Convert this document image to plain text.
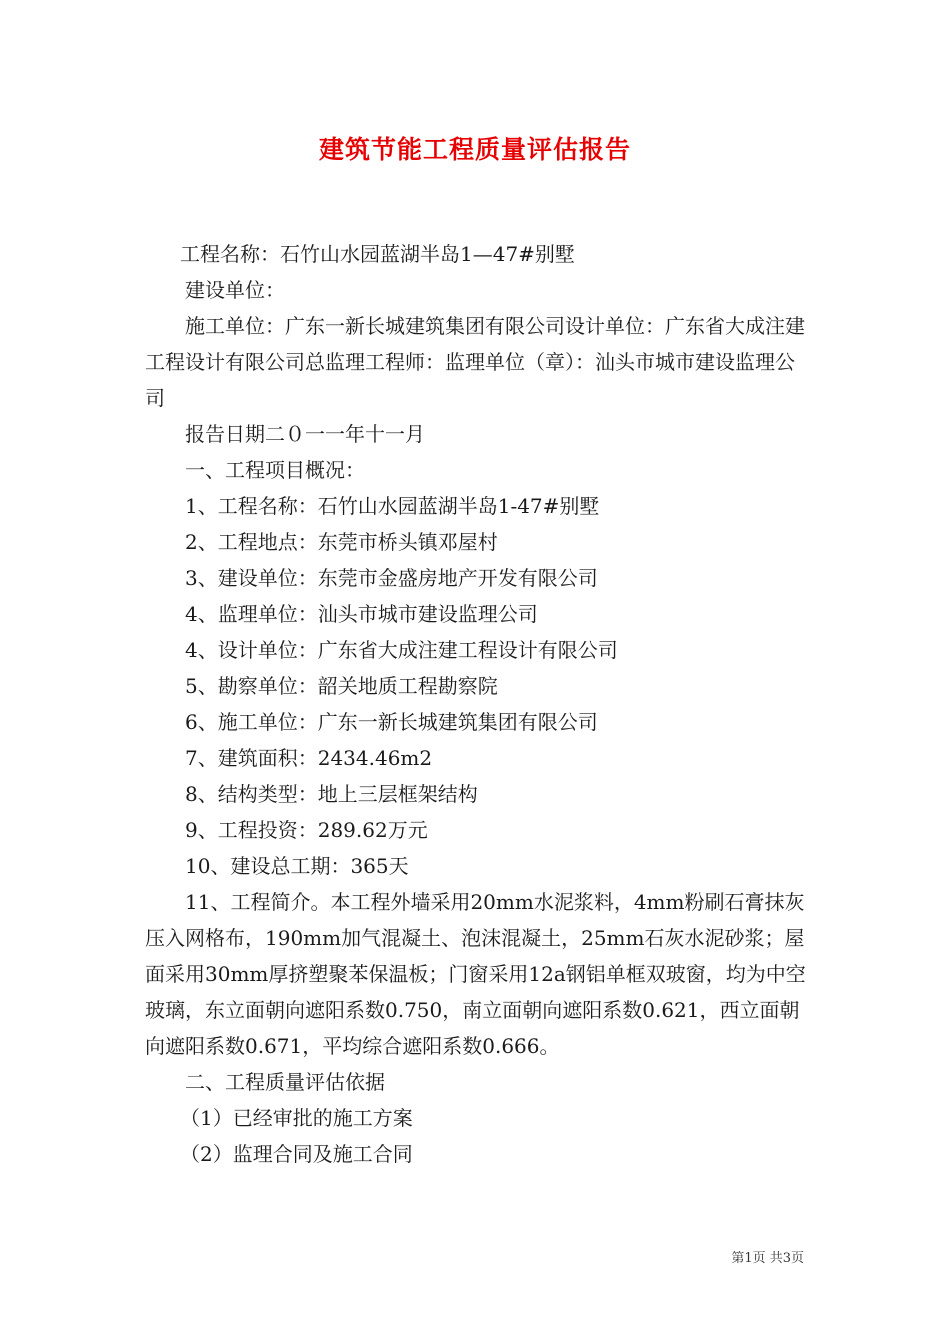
建筑节能工程质量评估报告

工程名称：石竹山水园蓝湖半岛1—47#别墅

建设单位：

施工单位：广东一新长城建筑集团有限公司设计单位：广东省大成注建工程设计有限公司总监理工程师：监理单位（章）：汕头市城市建设监理公司

报告日期二０一一年十一月

一、工程项目概况：

1、工程名称：石竹山水园蓝湖半岛1-47#别墅

2、工程地点：东莞市桥头镇邓屋村

3、建设单位：东莞市金盛房地产开发有限公司

4、监理单位：汕头市城市建设监理公司

4、设计单位：广东省大成注建工程设计有限公司

5、勘察单位：韶关地质工程勘察院

6、施工单位：广东一新长城建筑集团有限公司

7、建筑面积：2434.46m2

8、结构类型：地上三层框架结构

9、工程投资：289.62万元

10、建设总工期：365天

11、工程简介。本工程外墙采用20mm水泥浆料，4mm粉刷石膏抹灰压入网格布，190mm加气混凝土、泡沫混凝土，25mm石灰水泥砂浆；屋面采用30mm厚挤塑聚苯保温板；门窗采用12a钢铝单框双玻窗，均为中空玻璃，东立面朝向遮阳系数0.750，南立面朝向遮阳系数0.621，西立面朝向遮阳系数0.671，平均综合遮阳系数0.666。

二、工程质量评估依据

（1）已经审批的施工方案

（2）监理合同及施工合同

第1页 共3页
